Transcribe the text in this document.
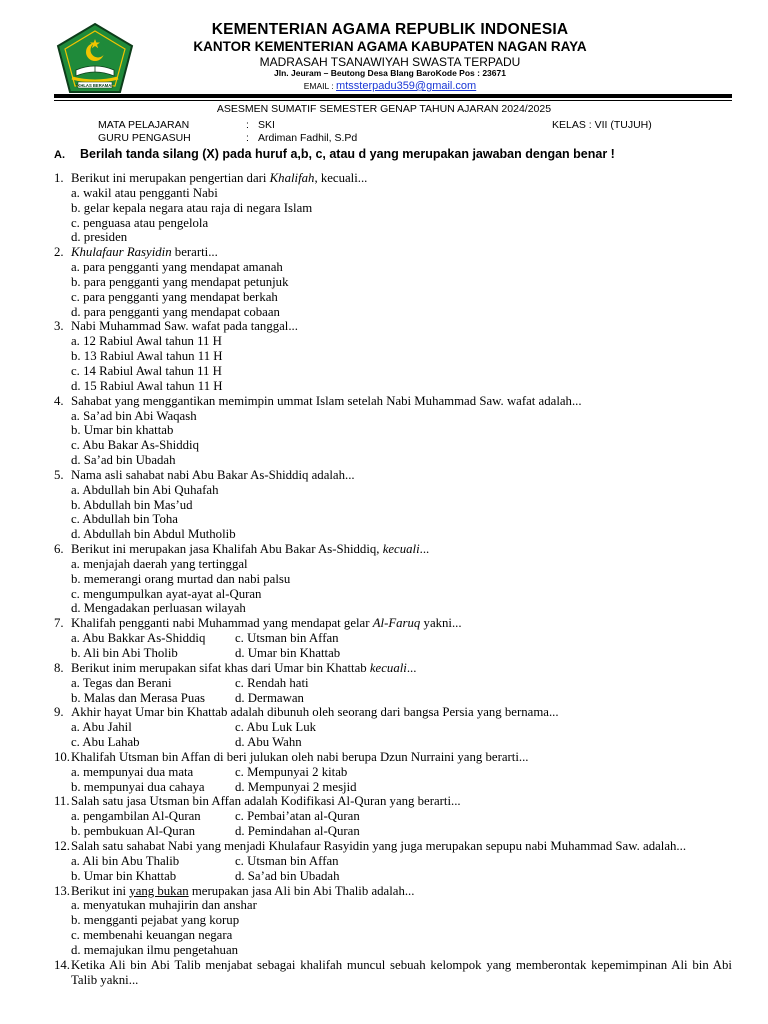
IKHLAS BERAMAL
KEMENTERIAN AGAMA REPUBLIK INDONESIA
KANTOR KEMENTERIAN AGAMA KABUPATEN NAGAN RAYA
MADRASAH TSANAWIYAH SWASTA TERPADU
Jln. Jeuram – Beutong Desa Blang BaroKode Pos : 23671
EMAIL : mtssterpadu359@gmail.com
ASESMEN SUMATIF SEMESTER GENAP TAHUN AJARAN 2024/2025
MATA PELAJARAN	: SKI	KELAS : VII (TUJUH)
GURU PENGASUH	: Ardiman Fadhil, S.Pd
A. Berilah tanda silang (X) pada huruf a,b, c, atau d yang merupakan jawaban dengan benar !
1. Berikut ini merupakan pengertian dari Khalifah, kecuali...
a. wakil atau pengganti Nabi
b. gelar kepala negara atau raja di negara Islam
c. penguasa atau pengelola
d. presiden
2. Khulafaur Rasyidin berarti...
a. para pengganti yang mendapat amanah
b. para pengganti yang mendapat petunjuk
c. para pengganti yang mendapat berkah
d. para pengganti yang mendapat cobaan
3. Nabi Muhammad Saw. wafat pada tanggal...
a. 12 Rabiul Awal tahun 11 H
b. 13 Rabiul Awal tahun 11 H
c. 14 Rabiul Awal tahun 11 H
d. 15 Rabiul Awal tahun 11 H
4. Sahabat yang menggantikan memimpin ummat Islam setelah Nabi Muhammad Saw. wafat adalah...
a. Sa’ad bin Abi Waqash
b. Umar bin khattab
c. Abu Bakar As-Shiddiq
d. Sa’ad bin Ubadah
5. Nama asli sahabat nabi Abu Bakar As-Shiddiq adalah...
a. Abdullah bin Abi Quhafah
b. Abdullah bin Mas’ud
c. Abdullah bin Toha
d. Abdullah bin Abdul Mutholib
6. Berikut ini merupakan jasa Khalifah Abu Bakar As-Shiddiq, kecuali...
a. menjajah daerah yang tertinggal
b. memerangi orang murtad dan nabi palsu
c. mengumpulkan ayat-ayat al-Quran
d. Mengadakan perluasan wilayah
7. Khalifah pengganti nabi Muhammad yang mendapat gelar Al-Faruq yakni...
a. Abu Bakkar As-Shiddiq	c. Utsman bin Affan
b. Ali bin Abi Tholib	d. Umar bin Khattab
8. Berikut inim merupakan sifat khas dari Umar bin Khattab kecuali...
a. Tegas dan Berani	c. Rendah hati
b. Malas dan Merasa Puas	d. Dermawan
9. Akhir hayat Umar bin Khattab adalah dibunuh oleh seorang dari bangsa Persia yang bernama...
a. Abu Jahil	c. Abu Luk Luk
c. Abu Lahab	d. Abu Wahn
10. Khalifah Utsman bin Affan di beri julukan oleh nabi berupa Dzun Nurraini yang berarti...
a. mempunyai dua mata	c. Mempunyai 2 kitab
b. mempunyai dua cahaya	d. Mempunyai 2 mesjid
11. Salah satu jasa Utsman bin Affan adalah Kodifikasi Al-Quran yang berarti...
a. pengambilan Al-Quran	c. Pembai’atan al-Quran
b. pembukuan Al-Quran	d. Pemindahan al-Quran
12. Salah satu sahabat Nabi yang menjadi Khulafaur Rasyidin yang juga merupakan sepupu nabi Muhammad Saw. adalah...
a. Ali bin Abu Thalib	c. Utsman bin Affan
b. Umar bin Khattab	d. Sa’ad bin Ubadah
13. Berikut ini yang bukan merupakan jasa Ali bin Abi Thalib adalah...
a. menyatukan muhajirin dan anshar
b. mengganti pejabat yang korup
c. membenahi keuangan negara
d. memajukan ilmu pengetahuan
14. Ketika Ali bin Abi Talib menjabat sebagai khalifah muncul sebuah kelompok yang memberontak kepemimpinan Ali bin Abi Talib yakni...
